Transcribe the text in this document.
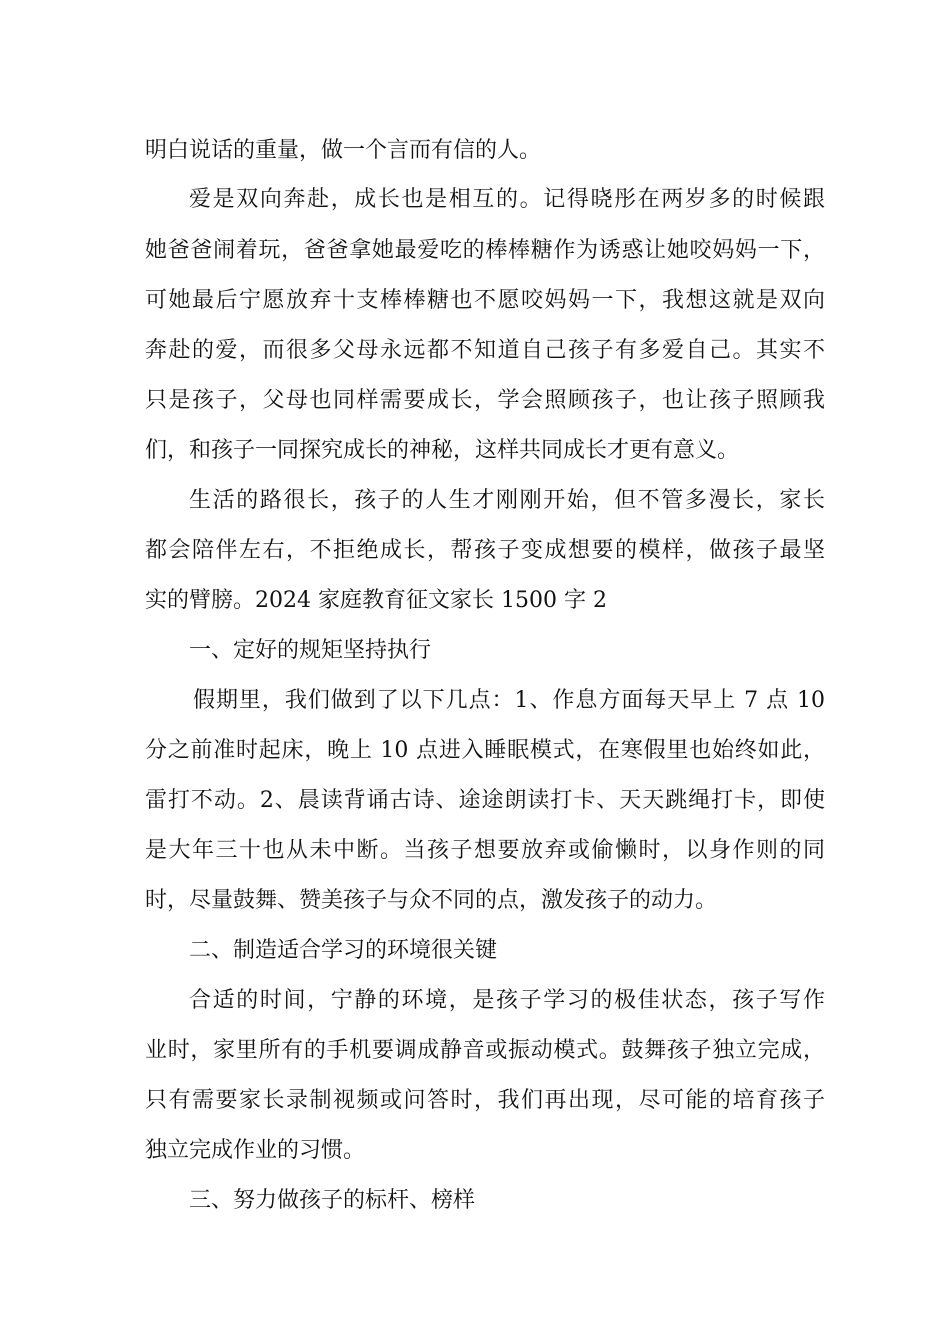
明白说话的重量，做一个言而有信的人。
爱是双向奔赴，成长也是相互的。记得晓彤在两岁多的时候跟
她爸爸闹着玩，爸爸拿她最爱吃的棒棒糖作为诱惑让她咬妈妈一下，
可她最后宁愿放弃十支棒棒糖也不愿咬妈妈一下，我想这就是双向
奔赴的爱，而很多父母永远都不知道自己孩子有多爱自己。其实不
只是孩子，父母也同样需要成长，学会照顾孩子，也让孩子照顾我
们，和孩子一同探究成长的神秘，这样共同成长才更有意义。
生活的路很长，孩子的人生才刚刚开始，但不管多漫长，家长
都会陪伴左右，不拒绝成长，帮孩子变成想要的模样，做孩子最坚
实的臂膀。2024 家庭教育征文家长 1500 字 2
一、定好的规矩坚持执行
假期里，我们做到了以下几点：1、作息方面每天早上 7 点 10
分之前准时起床，晚上 10 点进入睡眠模式，在寒假里也始终如此，
雷打不动。2、晨读背诵古诗、途途朗读打卡、天天跳绳打卡，即使
是大年三十也从未中断。当孩子想要放弃或偷懒时，以身作则的同
时，尽量鼓舞、赞美孩子与众不同的点，激发孩子的动力。
二、制造适合学习的环境很关键
合适的时间，宁静的环境，是孩子学习的极佳状态，孩子写作
业时，家里所有的手机要调成静音或振动模式。鼓舞孩子独立完成，
只有需要家长录制视频或问答时，我们再出现，尽可能的培育孩子
独立完成作业的习惯。
三、努力做孩子的标杆、榜样
